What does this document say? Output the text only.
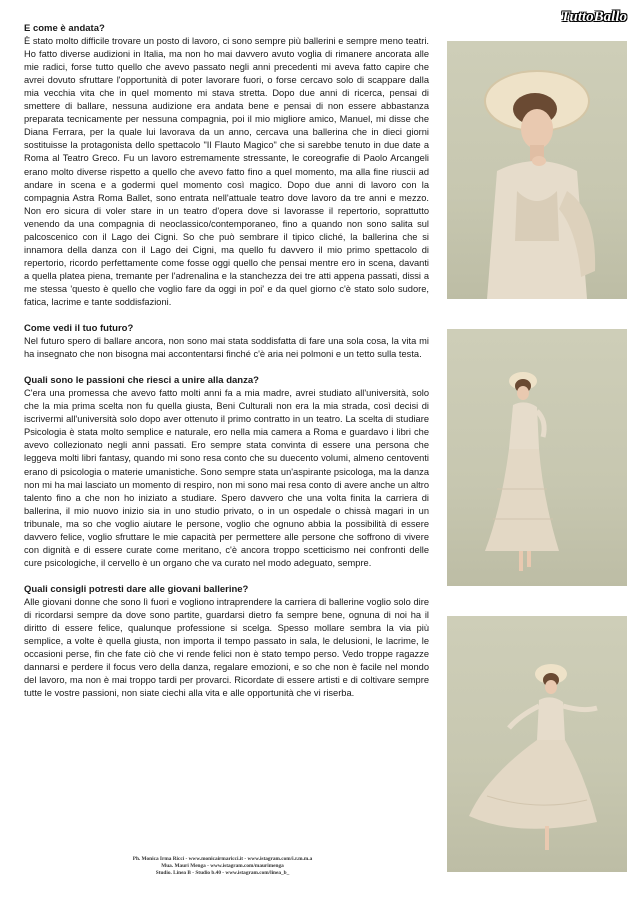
TuttoBallo
E come è andata?

È stato molto difficile trovare un posto di lavoro, ci sono sempre più ballerini e sempre meno teatri. Ho fatto diverse audizioni in Italia, ma non ho mai davvero avuto voglia di rimanere ancorata alle mie radici, forse tutto quello che avevo passato negli anni precedenti mi aveva fatto capire che avrei dovuto sfruttare l'opportunità di poter lavorare fuori, o forse cercavo solo di scappare dalla mia vecchia vita che in quel momento mi stava stretta. Dopo due anni di ricerca, pensai di smettere di ballare, nessuna audizione era andata bene e pensai di non essere abbastanza preparata tecnicamente per nessuna compagnia, poi il mio migliore amico, Manuel, mi disse che Diana Ferrara, per la quale lui lavorava da un anno, cercava una ballerina che in dieci giorni sostituisse la protagonista dello spettacolo "Il Flauto Magico" che si sarebbe tenuto in due date a Roma al Teatro Greco. Fu un lavoro estremamente stressante, le coreografie di Paolo Arcangeli erano molto diverse rispetto a quello che avevo fatto fino a quel momento, ma alla fine riuscii ad andare in scena e a godermi quel momento così magico. Dopo due anni di lavoro con la compagnia Astra Roma Ballet, sono entrata nell'attuale teatro dove lavoro da tre anni e mezzo. Non ero sicura di voler stare in un teatro d'opera dove si lavorasse il repertorio, soprattutto venendo da una compagnia di neoclassico/contemporaneo, fino a quando non sono salita sul palcoscenico con il Lago dei Cigni. So che può sembrare il tipico cliché, la ballerina che si innamora della danza con il Lago dei Cigni, ma quello fu davvero il mio primo spettacolo di repertorio, ricordo perfettamente come fosse oggi quello che pensai mentre ero in scena, davanti a quella platea piena, tremante per l'adrenalina e la stanchezza dei tre atti appena passati, dissi a me stessa 'questo è quello che voglio fare da oggi in poi' e da quel giorno c'è stato solo sudore, fatica, lacrime e tante soddisfazioni.

Come vedi il tuo futuro?

Nel futuro spero di ballare ancora, non sono mai stata soddisfatta di fare una sola cosa, la vita mi ha insegnato che non bisogna mai accontentarsi finché c'è aria nei polmoni e un tetto sulla testa.

Quali sono le passioni che riesci a unire alla danza?

C'era una promessa che avevo fatto molti anni fa a mia madre, avrei studiato all'università, solo che la mia prima scelta non fu quella giusta, Beni Culturali non era la mia strada, così decisi di iscrivermi all'università solo dopo aver ottenuto il primo contratto in un teatro. La scelta di studiare Psicologia è stata molto semplice e naturale, ero nella mia camera a Roma e guardavo i libri che avevo collezionato negli anni passati. Ero sempre stata convinta di essere una persona che leggeva molti libri fantasy, quando mi sono resa conto che su duecento volumi, almeno centoventi erano di psicologia o materie umanistiche. Sono sempre stata un'aspirante psicologa, ma la danza non mi ha mai lasciato un momento di respiro, non mi sono mai resa conto di avere anche un altro talento fino a che non ho iniziato a studiare. Spero davvero che una volta finita la carriera di ballerina, il mio nuovo inizio sia in uno studio privato, o in un ospedale o chissà magari in un tribunale, ma so che voglio aiutare le persone, voglio che ognuno abbia la possibilità di essere davvero felice, voglio sfruttare le mie capacità per permettere alle persone che soffrono di vivere con dignità e di essere curate come meritano, c'è ancora troppo scetticismo nei confronti delle cure psicologiche, il cervello è un organo che va curato nel modo adeguato, sempre.

Quali consigli potresti dare alle giovani ballerine?

Alle giovani donne che sono lì fuori e vogliono intraprendere la carriera di ballerine voglio solo dire di ricordarsi sempre da dove sono partite, guardarsi dietro fa sempre bene, ognuna di noi ha il diritto di essere felice, qualunque professione si scelga. Spesso mollare sembra la via più semplice, a volte è quella giusta, non importa il tempo passato in sala, le delusioni, le lacrime, le occasioni perse, fin che fate ciò che vi rende felici non è stato tempo perso. Vedo troppe ragazze dannarsi e perdere il focus vero della danza, regalare emozioni, e so che non è facile nel mondo del lavoro, ma non è mai troppo tardi per provarci. Ricordate di essere artisti e di coltivare sempre tutte le vostre passioni, non siate ciechi alla vita e alle opportunità che vi riserba.

Ph. Monica Irma Ricci - www.monicairmaricci.it - www.istagram.com/i.r.m.m.a
Mua. Mauri Menga - www.istagram.com/maurimenga
Studio. Linea B - Studio b.40 - www.istagram.com/linea_b_
